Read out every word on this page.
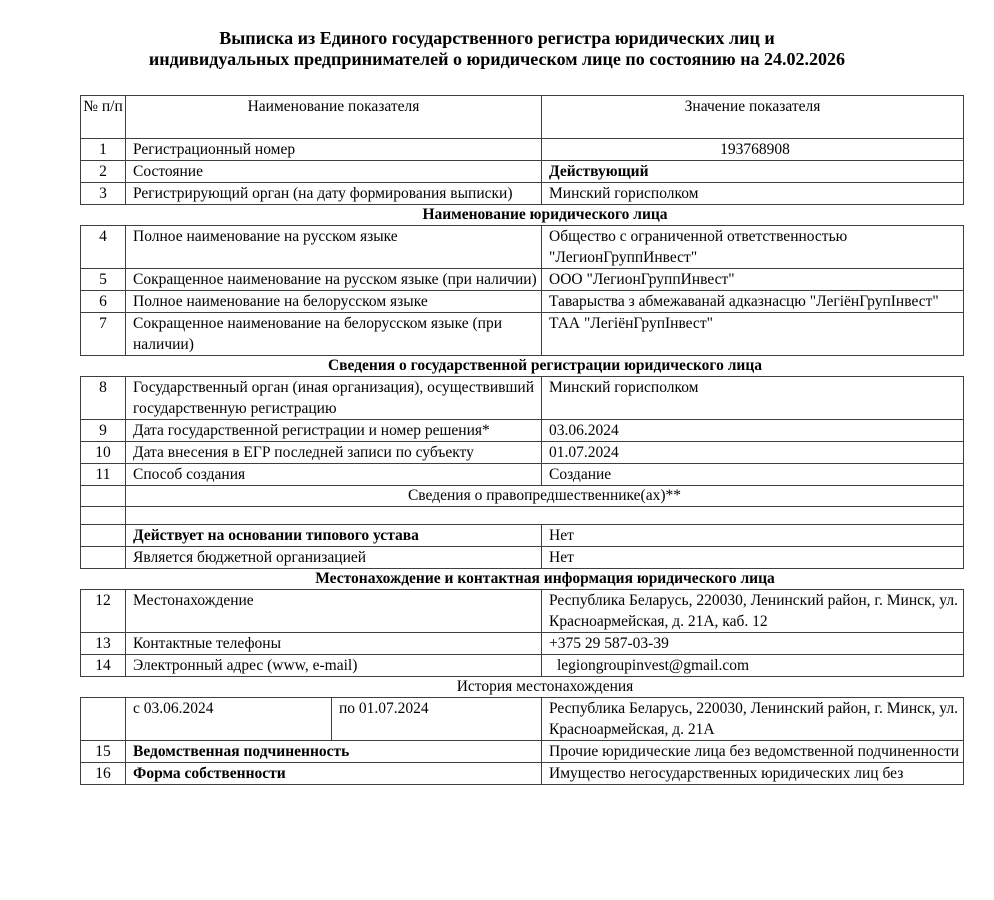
Выписка из Единого государственного регистра юридических лиц и
индивидуальных предпринимателей о юридическом лице по состоянию на 24.02.2026
№ п/п	Наименование показателя		Значение показателя
1	Регистрационный номер		193768908
2	Состояние		Действующий
3	Регистрирующий орган (на дату формирования выписки)		Минский горисполком
Наименование юридического лица			
4	Полное наименование на русском языке		Общество с ограниченной ответственностью "ЛегионГруппИнвест"
5	Сокращенное наименование на русском языке (при наличии)		ООО "ЛегионГруппИнвест"
6	Полное наименование на белорусском языке		Таварыства з абмежаванай адказнасцю "ЛегіёнГрупІнвест"
7	Сокращенное наименование на белорусском языке (при наличии)		ТАА "ЛегіёнГрупІнвест"
Сведения о государственной регистрации юридического лица			
8	Государственный орган (иная организация), осуществивший государственную регистрацию		Минский горисполком
9	Дата государственной регистрации и номер решения*		03.06.2024
10	Дата внесения в ЕГР последней записи по субъекту		01.07.2024
11	Способ создания		Создание
	Сведения о правопредшественнике(ах)**		

	Действует на основании типового устава		Нет
	Является бюджетной организацией		Нет
Местонахождение и контактная информация юридического лица			
12	Местонахождение		Республика Беларусь, 220030, Ленинский район, г. Минск, ул. Красноармейская, д. 21А, каб. 12
13	Контактные телефоны		+375 29 587-03-39
14	Электронный адрес (www, e-mail)		legiongroupinvest@gmail.com
История местонахождения			
	с 03.06.2024	по 01.07.2024	Республика Беларусь, 220030, Ленинский район, г. Минск, ул. Красноармейская, д. 21А
15	Ведомственная подчиненность		Прочие юридические лица без ведомственной подчиненности
16	Форма собственности		Имущество негосударственных юридических лиц без
